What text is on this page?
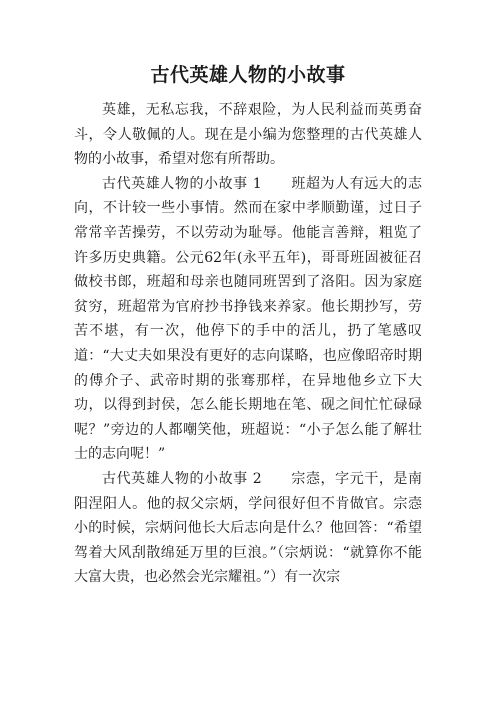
古代英雄人物的小故事

英雄，无私忘我，不辞艰险，为人民利益而英勇奋斗，令人敬佩的人。现在是小编为您整理的古代英雄人物的小故事，希望对您有所帮助。

古代英雄人物的小故事 1　　班超为人有远大的志向，不计较一些小事情。然而在家中孝顺勤谨，过日子常常辛苦操劳，不以劳动为耻辱。他能言善辩，粗览了许多历史典籍。公元62年(永平五年)，哥哥班固被征召做校书郎，班超和母亲也随同班罟到了洛阳。因为家庭贫穷，班超常为官府抄书挣钱来养家。他长期抄写，劳苦不堪，有一次，他停下的手中的活儿，扔了笔感叹道：“大丈夫如果没有更好的志向谋略，也应像昭帝时期的傅介子、武帝时期的张骞那样，在异地他乡立下大功，以得到封侯，怎么能长期地在笔、砚之间忙忙碌碌呢？”旁边的人都嘲笑他，班超说：“小子怎么能了解壮士的志向呢！”

古代英雄人物的小故事 2　　宗悫，字元干，是南阳涅阳人。他的叔父宗炳，学问很好但不肯做官。宗悫小的时候，宗炳问他长大后志向是什么？他回答：“希望驾着大风刮散绵延万里的巨浪。”（宗炳说：“就算你不能大富大贵，也必然会光宗耀祖。”）有一次宗
